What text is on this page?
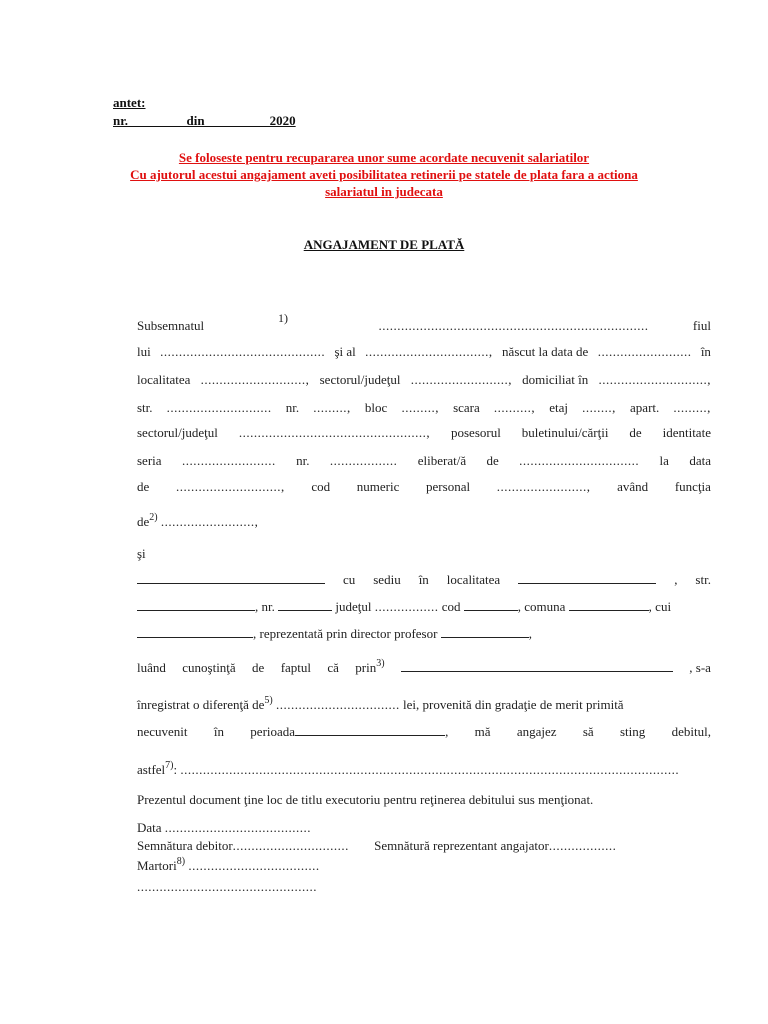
antet:
nr._________din__________2020
Se foloseste pentru recupararea unor sume acordate necuvenit salariatilor
Cu ajutorul acestui angajament aveti posibilitatea retinerii pe statele de plata fara a actiona
salariatul in judecata
ANGAJAMENT DE PLATĂ
1)
Subsemnatul	........................................................................	fiul
lui ............................................ şi al ................................., născut la data de ......................... în
localitatea ............................, sectorul/judeţul .........................., domiciliat în .............................,
str. ............................ nr. ........., bloc ........., scara .........., etaj ........, apart. .........,
sectorul/judeţul .................................................., posesorul buletinului/cărţii de identitate
seria ......................... nr. .................. eliberat/ă de ................................ la data
de ............................, cod numeric personal ........................, având funcţia
$de^{2)}$ .........................,
şi
cu sediu în localitatea	, str.
, nr.	judeţul ................. cod	, comuna	, cui
, reprezentată prin director profesor	,
luând cunoştinţă de faptul că prin$^{3)}$	, s-a
înregistrat o diferenţă $de^{5)}$ ................................. lei, provenită din gradaţie de merit primită
necuvenit în perioada	, mă angajez să sting debitul,
astfel$^{7)}$: .....................................................................................................................................
Prezentul document ţine loc de titlu executoriu pentru reţinerea debitului sus menţionat.
Data .......................................
Semnătura debitor............................... Semnătură reprezentant angajator..................
Martori$^{8)}$ ...................................
................................................
